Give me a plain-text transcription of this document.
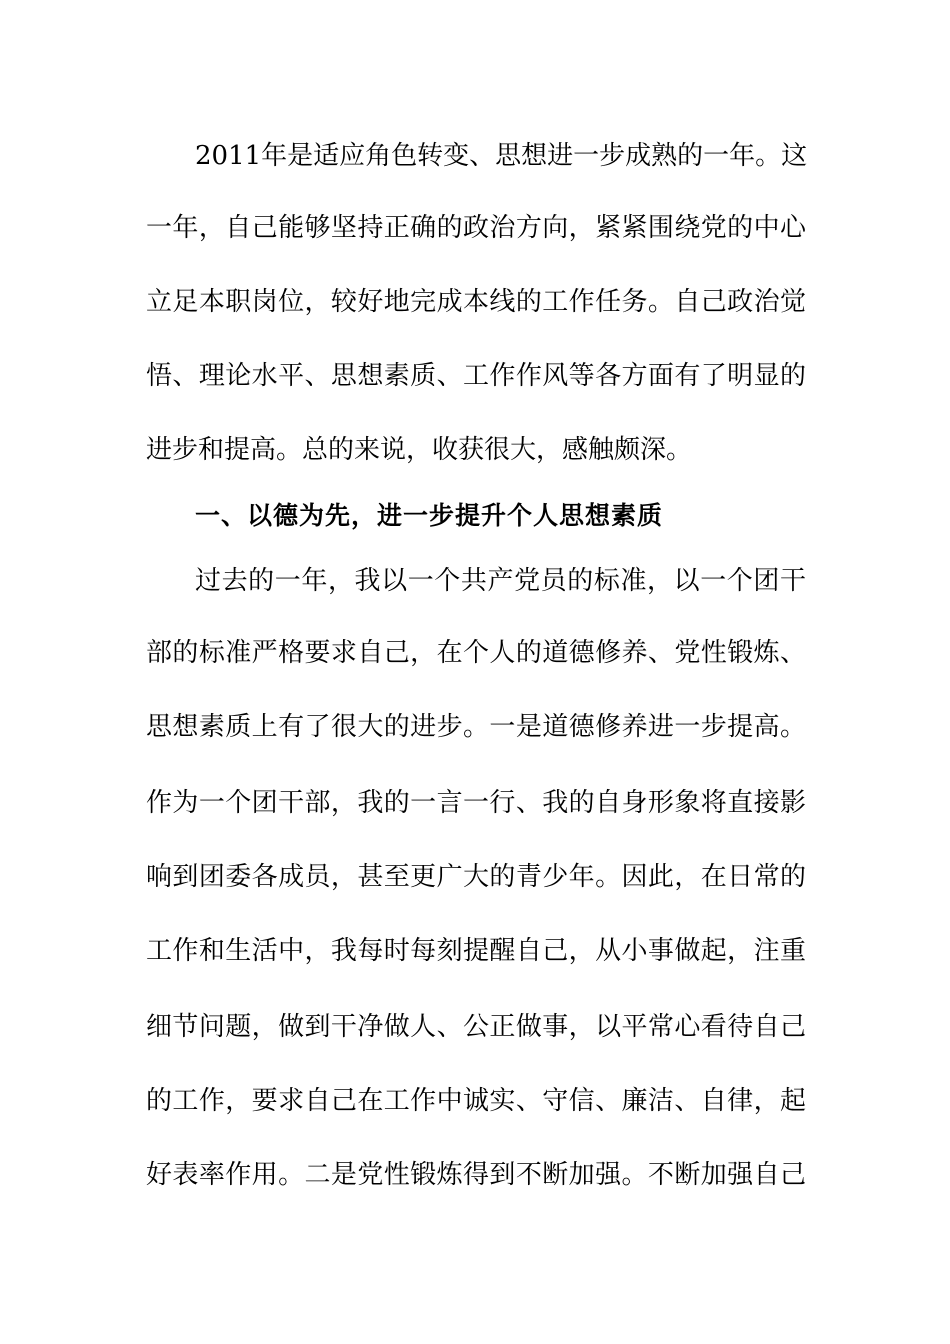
2011年是适应角色转变、思想进一步成熟的一年。这
一年，自己能够坚持正确的政治方向，紧紧围绕党的中心
立足本职岗位，较好地完成本线的工作任务。自己政治觉
悟、理论水平、思想素质、工作作风等各方面有了明显的
进步和提高。总的来说，收获很大，感触颇深。
一、以德为先，进一步提升个人思想素质
过去的一年，我以一个共产党员的标准，以一个团干
部的标准严格要求自己，在个人的道德修养、党性锻炼、
思想素质上有了很大的进步。一是道德修养进一步提高。
作为一个团干部，我的一言一行、我的自身形象将直接影
响到团委各成员，甚至更广大的青少年。因此，在日常的
工作和生活中，我每时每刻提醒自己，从小事做起，注重
细节问题，做到干净做人、公正做事，以平常心看待自己
的工作，要求自己在工作中诚实、守信、廉洁、自律，起
好表率作用。二是党性锻炼得到不断加强。不断加强自己
